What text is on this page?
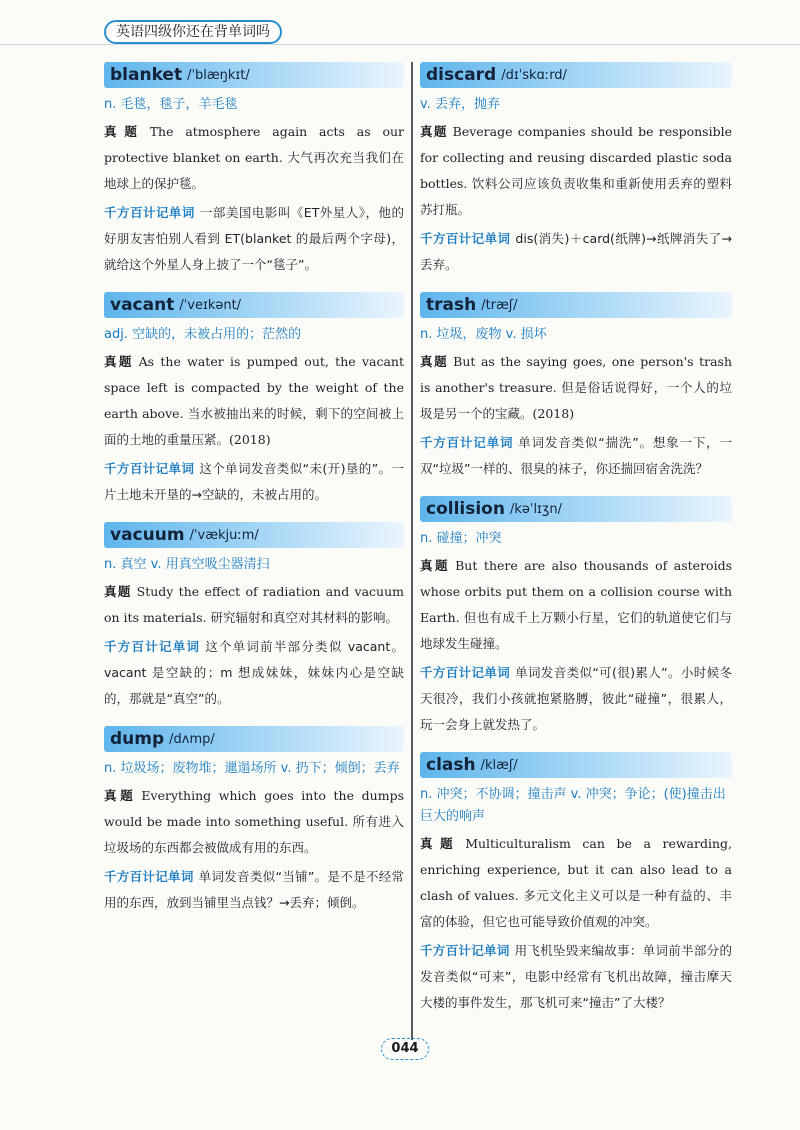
英语四级你还在背单词吗
blanket /ˈblæŋkɪt/
n. 毛毯，毯子，羊毛毯

真题 The atmosphere again acts as our protective blanket on earth. 大气再次充当我们在地球上的保护毯。

千方百计记单词 一部美国电影叫《ET外星人》，他的好朋友害怕别人看到 ET(blanket 的最后两个字母)，就给这个外星人身上披了一个“毯子”。

vacant /ˈveɪkənt/
adj. 空缺的，未被占用的；茫然的

真题 As the water is pumped out, the vacant space left is compacted by the weight of the earth above. 当水被抽出来的时候，剩下的空间被上面的土地的重量压紧。(2018)

千方百计记单词 这个单词发音类似“未(开)垦的”。一片土地未开垦的→空缺的，未被占用的。

vacuum /ˈvækjuːm/
n. 真空 v. 用真空吸尘器清扫

真题 Study the effect of radiation and vacuum on its materials. 研究辐射和真空对其材料的影响。

千方百计记单词 这个单词前半部分类似 vacant。vacant 是空缺的；m 想成妹妹，妹妹内心是空缺的，那就是“真空”的。

dump /dʌmp/
n. 垃圾场；废物堆；邋遢场所 v. 扔下；倾倒；丢弃

真题 Everything which goes into the dumps would be made into something useful. 所有进入垃圾场的东西都会被做成有用的东西。

千方百计记单词 单词发音类似“当铺”。是不是不经常用的东西，放到当铺里当点钱？→丢弃；倾倒。

discard /dɪˈskɑːrd/
v. 丢弃，抛弃

真题 Beverage companies should be responsible for collecting and reusing discarded plastic soda bottles. 饮料公司应该负责收集和重新使用丢弃的塑料苏打瓶。

千方百计记单词 dis(消失)＋card(纸牌)→纸牌消失了→丢弃。

trash /træʃ/
n. 垃圾，废物 v. 损坏

真题 But as the saying goes, one person's trash is another's treasure. 但是俗话说得好，一个人的垃圾是另一个的宝藏。(2018)

千方百计记单词 单词发音类似“揣洗”。想象一下，一双“垃圾”一样的、很臭的袜子，你还揣回宿舍洗洗？

collision /kəˈlɪʒn/
n. 碰撞；冲突

真题 But there are also thousands of asteroids whose orbits put them on a collision course with Earth. 但也有成千上万颗小行星，它们的轨道使它们与地球发生碰撞。

千方百计记单词 单词发音类似“可(很)累人”。小时候冬天很冷，我们小孩就抱紧胳膊，彼此“碰撞”，很累人，玩一会身上就发热了。

clash /klæʃ/
n. 冲突；不协调；撞击声 v. 冲突；争论；(使)撞击出巨大的响声

真题 Multiculturalism can be a rewarding, enriching experience, but it can also lead to a clash of values. 多元文化主义可以是一种有益的、丰富的体验，但它也可能导致价值观的冲突。

千方百计记单词 用飞机坠毁来编故事：单词前半部分的发音类似“可来”，电影中经常有飞机出故障，撞击摩天大楼的事件发生，那飞机可来“撞击”了大楼？

044
